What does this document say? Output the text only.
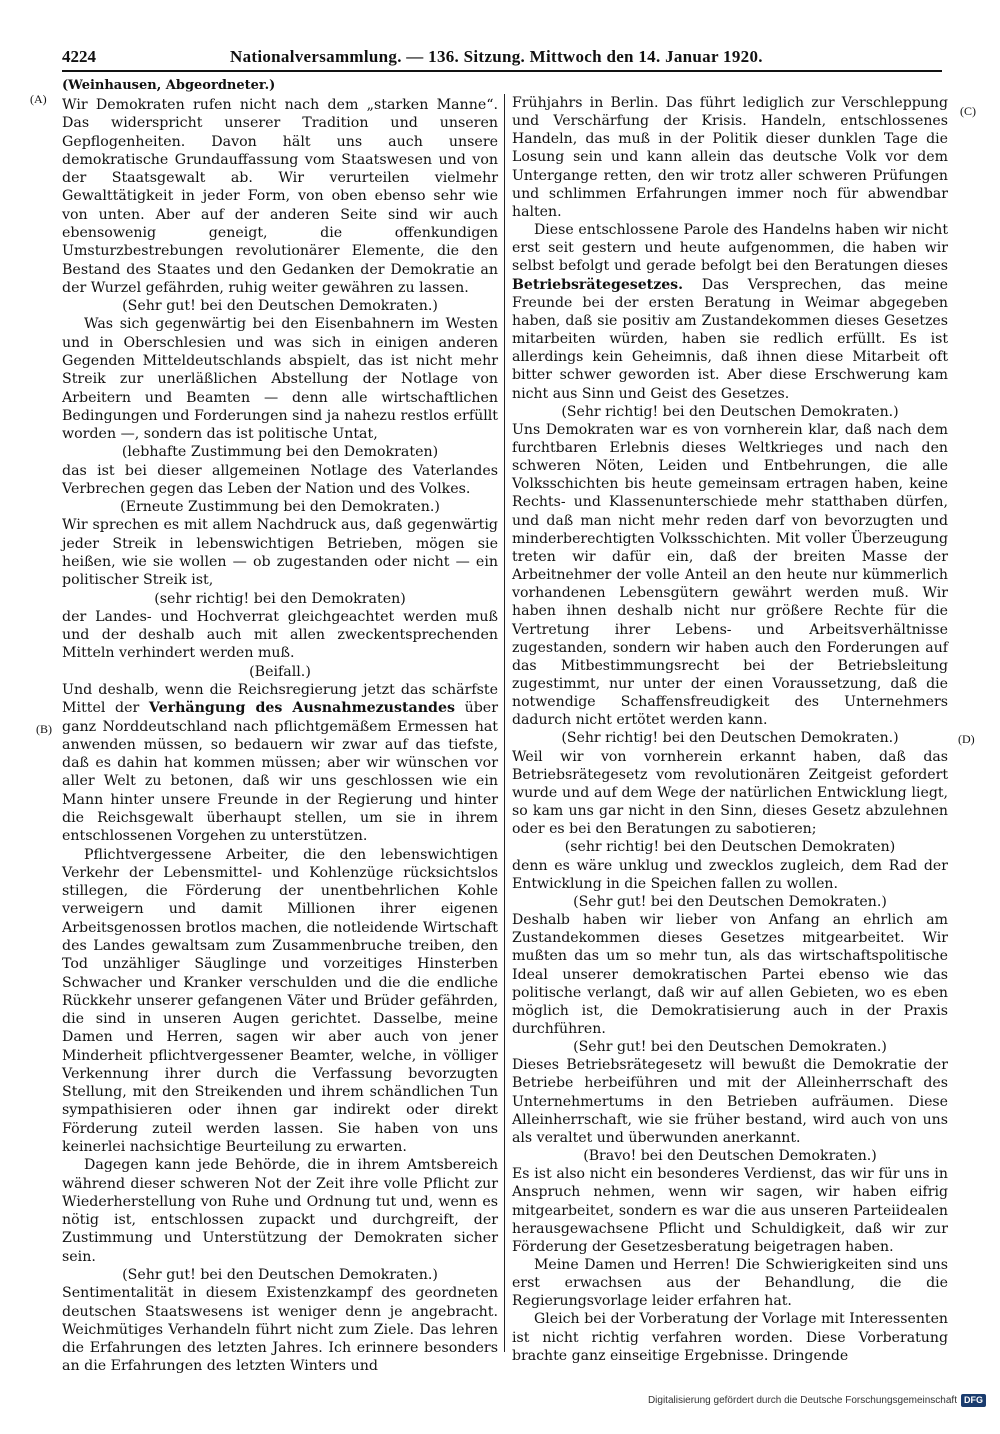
4224	Nationalversammlung. — 136. Sitzung. Mittwoch den 14. Januar 1920.
(A)
(B)
(C)
(D)

(Weinhausen, Abgeordneter.)

Wir Demokraten rufen nicht nach dem „starken Manne“. Das widerspricht unserer Tradition und unseren Gepflogenheiten. Davon hält uns auch unsere demokratische Grundauffassung vom Staatswesen und von der Staatsgewalt ab. Wir verurteilen vielmehr Gewalttätigkeit in jeder Form, von oben ebenso sehr wie von unten. Aber auf der anderen Seite sind wir auch ebensowenig geneigt, die offenkundigen Umsturzbestrebungen revolutionärer Elemente, die den Bestand des Staates und den Gedanken der Demokratie an der Wurzel gefährden, ruhig weiter gewähren zu lassen.

(Sehr gut! bei den Deutschen Demokraten.)

Was sich gegenwärtig bei den Eisenbahnern im Westen und in Oberschlesien und was sich in einigen anderen Gegenden Mitteldeutschlands abspielt, das ist nicht mehr Streik zur unerläßlichen Abstellung der Notlage von Arbeitern und Beamten — denn alle wirtschaftlichen Bedingungen und Forderungen sind ja nahezu restlos erfüllt worden —, sondern das ist politische Untat,

(lebhafte Zustimmung bei den Demokraten)

das ist bei dieser allgemeinen Notlage des Vaterlandes Verbrechen gegen das Leben der Nation und des Volkes.

(Erneute Zustimmung bei den Demokraten.)

Wir sprechen es mit allem Nachdruck aus, daß gegenwärtig jeder Streik in lebenswichtigen Betrieben, mögen sie heißen, wie sie wollen — ob zugestanden oder nicht — ein politischer Streik ist,

(sehr richtig! bei den Demokraten)

der Landes- und Hochverrat gleichgeachtet werden muß und der deshalb auch mit allen zweckentsprechenden Mitteln verhindert werden muß.

(Beifall.)

Und deshalb, wenn die Reichsregierung jetzt das schärfste Mittel der Verhängung des Ausnahmezustandes über ganz Norddeutschland nach pflichtgemäßem Ermessen hat anwenden müssen, so bedauern wir zwar auf das tiefste, daß es dahin hat kommen müssen; aber wir wünschen vor aller Welt zu betonen, daß wir uns geschlossen wie ein Mann hinter unsere Freunde in der Regierung und hinter die Reichsgewalt überhaupt stellen, um sie in ihrem entschlossenen Vorgehen zu unterstützen.

Pflichtvergessene Arbeiter, die den lebenswichtigen Verkehr der Lebensmittel- und Kohlenzüge rücksichtslos stillegen, die Förderung der unentbehrlichen Kohle verweigern und damit Millionen ihrer eigenen Arbeitsgenossen brotlos machen, die notleidende Wirtschaft des Landes gewaltsam zum Zusammenbruche treiben, den Tod unzähliger Säuglinge und vorzeitiges Hinsterben Schwacher und Kranker verschulden und die die endliche Rückkehr unserer gefangenen Väter und Brüder gefährden, die sind in unseren Augen gerichtet. Dasselbe, meine Damen und Herren, sagen wir aber auch von jener Minderheit pflichtvergessener Beamter, welche, in völliger Verkennung ihrer durch die Verfassung bevorzugten Stellung, mit den Streikenden und ihrem schändlichen Tun sympathisieren oder ihnen gar indirekt oder direkt Förderung zuteil werden lassen. Sie haben von uns keinerlei nachsichtige Beurteilung zu erwarten.

Dagegen kann jede Behörde, die in ihrem Amtsbereich während dieser schweren Not der Zeit ihre volle Pflicht zur Wiederherstellung von Ruhe und Ordnung tut und, wenn es nötig ist, entschlossen zupackt und durchgreift, der Zustimmung und Unterstützung der Demokraten sicher sein.

(Sehr gut! bei den Deutschen Demokraten.)

Sentimentalität in diesem Existenzkampf des geordneten deutschen Staatswesens ist weniger denn je angebracht. Weichmütiges Verhandeln führt nicht zum Ziele. Das lehren die Erfahrungen des letzten Jahres. Ich erinnere besonders an die Erfahrungen des letzten Winters und

Frühjahrs in Berlin. Das führt lediglich zur Verschleppung und Verschärfung der Krisis. Handeln, entschlossenes Handeln, das muß in der Politik dieser dunklen Tage die Losung sein und kann allein das deutsche Volk vor dem Untergange retten, den wir trotz aller schweren Prüfungen und schlimmen Erfahrungen immer noch für abwendbar halten.

Diese entschlossene Parole des Handelns haben wir nicht erst seit gestern und heute aufgenommen, die haben wir selbst befolgt und gerade befolgt bei den Beratungen dieses Betriebsrätegesetzes. Das Versprechen, das meine Freunde bei der ersten Beratung in Weimar abgegeben haben, daß sie positiv am Zustandekommen dieses Gesetzes mitarbeiten würden, haben sie redlich erfüllt. Es ist allerdings kein Geheimnis, daß ihnen diese Mitarbeit oft bitter schwer geworden ist. Aber diese Erschwerung kam nicht aus Sinn und Geist des Gesetzes.

(Sehr richtig! bei den Deutschen Demokraten.)

Uns Demokraten war es von vornherein klar, daß nach dem furchtbaren Erlebnis dieses Weltkrieges und nach den schweren Nöten, Leiden und Entbehrungen, die alle Volksschichten bis heute gemeinsam ertragen haben, keine Rechts- und Klassenunterschiede mehr statthaben dürfen, und daß man nicht mehr reden darf von bevorzugten und minderberechtigten Volksschichten. Mit voller Überzeugung treten wir dafür ein, daß der breiten Masse der Arbeitnehmer der volle Anteil an den heute nur kümmerlich vorhandenen Lebensgütern gewährt werden muß. Wir haben ihnen deshalb nicht nur größere Rechte für die Vertretung ihrer Lebens- und Arbeitsverhältnisse zugestanden, sondern wir haben auch den Forderungen auf das Mitbestimmungsrecht bei der Betriebsleitung zugestimmt, nur unter der einen Voraussetzung, daß die notwendige Schaffensfreudigkeit des Unternehmers dadurch nicht ertötet werden kann.

(Sehr richtig! bei den Deutschen Demokraten.)

Weil wir von vornherein erkannt haben, daß das Betriebsrätegesetz vom revolutionären Zeitgeist gefordert wurde und auf dem Wege der natürlichen Entwicklung liegt, so kam uns gar nicht in den Sinn, dieses Gesetz abzulehnen oder es bei den Beratungen zu sabotieren;

(sehr richtig! bei den Deutschen Demokraten)

denn es wäre unklug und zwecklos zugleich, dem Rad der Entwicklung in die Speichen fallen zu wollen.

(Sehr gut! bei den Deutschen Demokraten.)

Deshalb haben wir lieber von Anfang an ehrlich am Zustandekommen dieses Gesetzes mitgearbeitet. Wir mußten das um so mehr tun, als das wirtschaftspolitische Ideal unserer demokratischen Partei ebenso wie das politische verlangt, daß wir auf allen Gebieten, wo es eben möglich ist, die Demokratisierung auch in der Praxis durchführen.

(Sehr gut! bei den Deutschen Demokraten.)

Dieses Betriebsrätegesetz will bewußt die Demokratie der Betriebe herbeiführen und mit der Alleinherrschaft des Unternehmertums in den Betrieben aufräumen. Diese Alleinherrschaft, wie sie früher bestand, wird auch von uns als veraltet und überwunden anerkannt.

(Bravo! bei den Deutschen Demokraten.)

Es ist also nicht ein besonderes Verdienst, das wir für uns in Anspruch nehmen, wenn wir sagen, wir haben eifrig mitgearbeitet, sondern es war die aus unseren Parteiidealen herausgewachsene Pflicht und Schuldigkeit, daß wir zur Förderung der Gesetzesberatung beigetragen haben.

Meine Damen und Herren! Die Schwierigkeiten sind uns erst erwachsen aus der Behandlung, die die Regierungsvorlage leider erfahren hat.

Gleich bei der Vorberatung der Vorlage mit Interessenten ist nicht richtig verfahren worden. Diese Vorberatung brachte ganz einseitige Ergebnisse. Dringende

Digitalisierung gefördert durch die Deutsche Forschungsgemeinschaft DFG
